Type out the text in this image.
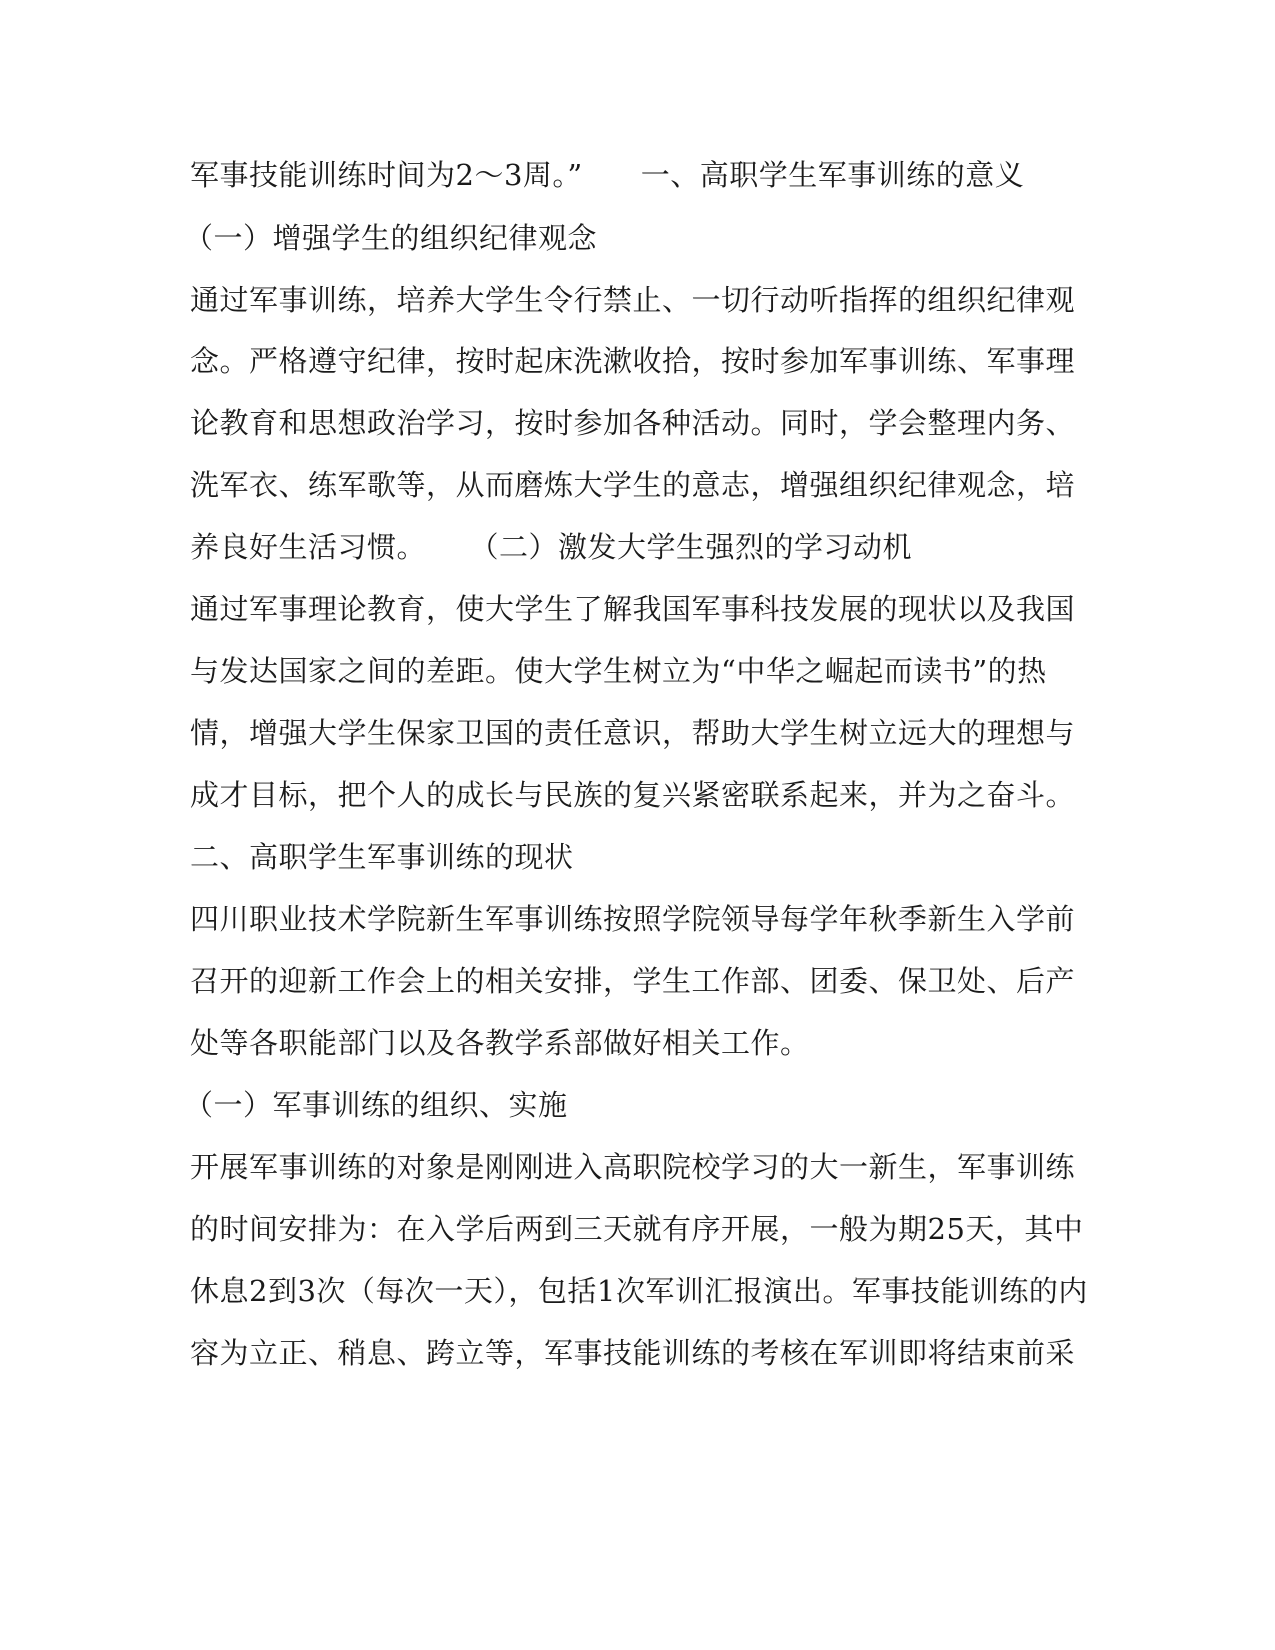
军事技能训练时间为2～3周。” 一、高职学生军事训练的意义

（一）增强学生的组织纪律观念

通过军事训练，培养大学生令行禁止、一切行动听指挥的组织纪律观

念。严格遵守纪律，按时起床洗漱收拾，按时参加军事训练、军事理

论教育和思想政治学习，按时参加各种活动。同时，学会整理内务、

洗军衣、练军歌等，从而磨炼大学生的意志，增强组织纪律观念，培

养良好生活习惯。 （二）激发大学生强烈的学习动机

通过军事理论教育，使大学生了解我国军事科技发展的现状以及我国

与发达国家之间的差距。使大学生树立为“中华之崛起而读书”的热

情，增强大学生保家卫国的责任意识，帮助大学生树立远大的理想与

成才目标，把个人的成长与民族的复兴紧密联系起来，并为之奋斗。

二、高职学生军事训练的现状

四川职业技术学院新生军事训练按照学院领导每学年秋季新生入学前

召开的迎新工作会上的相关安排，学生工作部、团委、保卫处、后产

处等各职能部门以及各教学系部做好相关工作。

（一）军事训练的组织、实施

开展军事训练的对象是刚刚进入高职院校学习的大一新生，军事训练

的时间安排为：在入学后两到三天就有序开展，一般为期25天，其中

休息2到3次（每次一天），包括1次军训汇报演出。军事技能训练的内

容为立正、稍息、跨立等，军事技能训练的考核在军训即将结束前采
